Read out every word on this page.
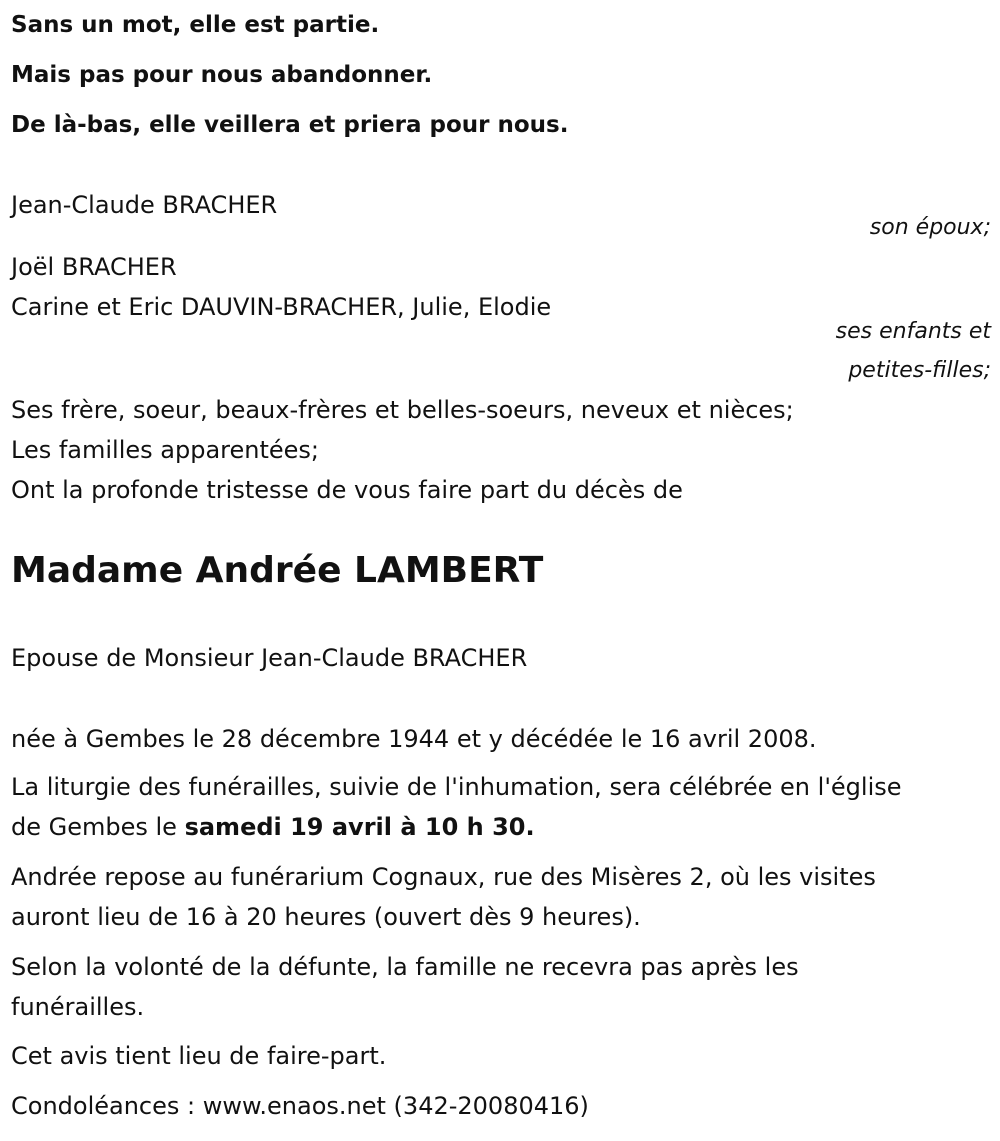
Sans un mot, elle est partie.
Mais pas pour nous abandonner.
De là-bas, elle veillera et priera pour nous.
Jean-Claude BRACHER
son époux;
Joël BRACHER
Carine et Eric DAUVIN-BRACHER, Julie, Elodie
ses enfants et
petites-filles;
Ses frère, soeur, beaux-frères et belles-soeurs, neveux et nièces;
Les familles apparentées;
Ont la profonde tristesse de vous faire part du décès de
Madame Andrée LAMBERT
Epouse de Monsieur Jean-Claude BRACHER
née à Gembes le 28 décembre 1944 et y décédée le 16 avril 2008.
La liturgie des funérailles, suivie de l'inhumation, sera célébrée en l'église
de Gembes le samedi 19 avril à 10 h 30.
Andrée repose au funérarium Cognaux, rue des Misères 2, où les visites
auront lieu de 16 à 20 heures (ouvert dès 9 heures).
Selon la volonté de la défunte, la famille ne recevra pas après les
funérailles.
Cet avis tient lieu de faire-part.
Condoléances : www.enaos.net (342-20080416)
